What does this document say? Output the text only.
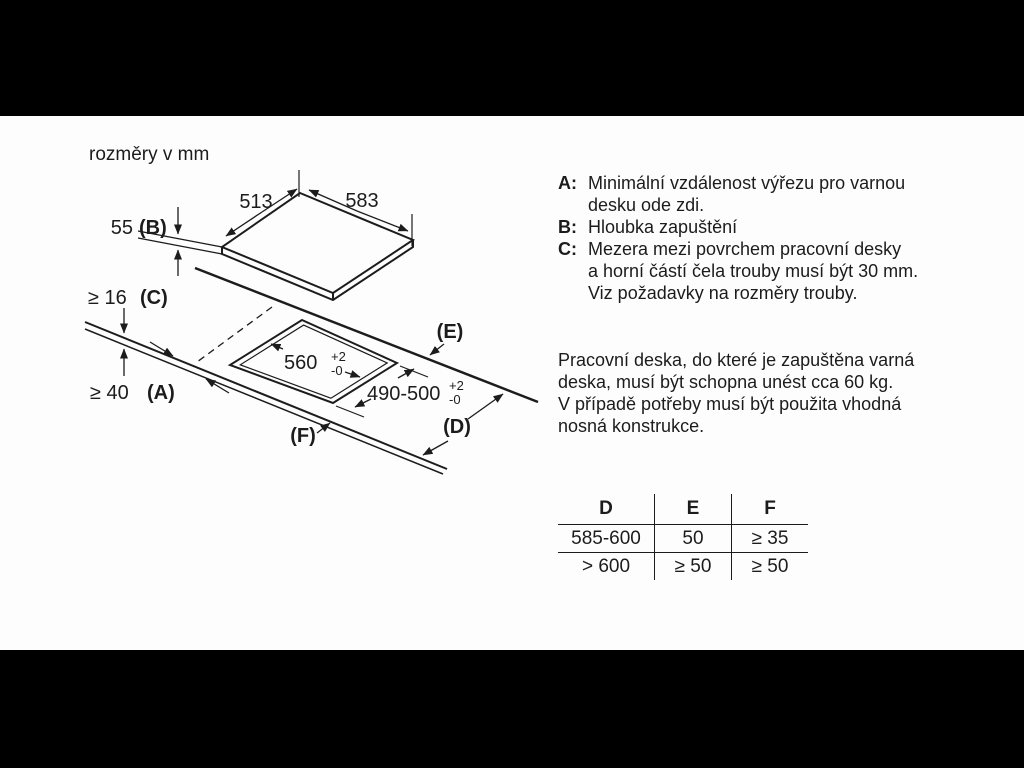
513	583
55 (B)
≥ 16 (C)
≥ 40 (A)
560 +2
-0
490-500 +2
-0
(E)
(D)
(F)
rozměry v mm
A: Minimální vzdálenost výřezu pro varnou
desku ode zdi.
B: Hloubka zapuštění
C: Mezera mezi povrchem pracovní desky
a horní částí čela trouby musí být 30 mm.
Viz požadavky na rozměry trouby.
Pracovní deska, do které je zapuštěna varná
deska, musí být schopna unést cca 60 kg.
V případě potřeby musí být použita vhodná
nosná konstrukce.
D	E	F
585-600	50	≥ 35
> 600	≥ 50	≥ 50
